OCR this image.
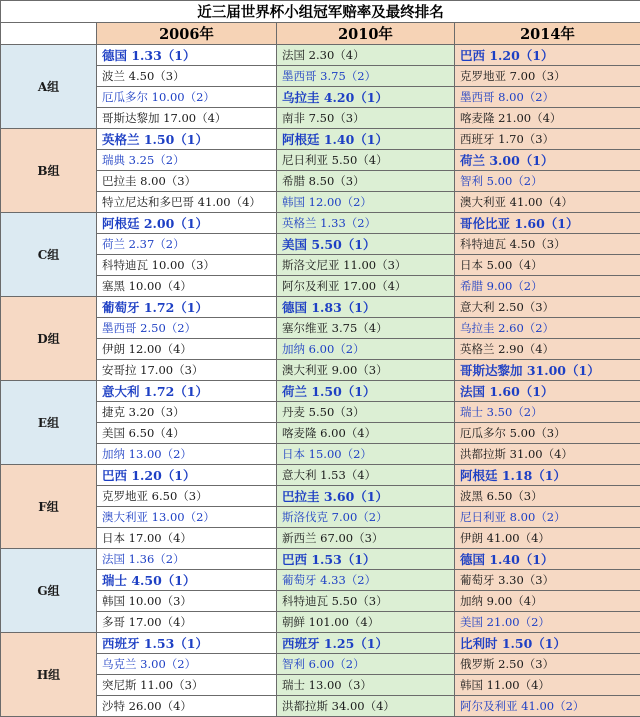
近三届世界杯小组冠军赔率及最终排名			
	2006年	2010年	2014年
A组	德国 1.33（1）	法国 2.30（4）	巴西 1.20（1）
	波兰 4.50（3）	墨西哥 3.75（2）	克罗地亚 7.00（3）
	厄瓜多尔 10.00（2）	乌拉圭 4.20（1）	墨西哥 8.00（2）
	哥斯达黎加 17.00（4）	南非 7.50（3）	喀麦隆 21.00（4）
B组	英格兰 1.50（1）	阿根廷 1.40（1）	西班牙 1.70（3）
	瑞典 3.25（2）	尼日利亚 5.50（4）	荷兰 3.00（1）
	巴拉圭 8.00（3）	希腊 8.50（3）	智利 5.00（2）
	特立尼达和多巴哥 41.00（4）	韩国 12.00（2）	澳大利亚 41.00（4）
C组	阿根廷 2.00（1）	英格兰 1.33（2）	哥伦比亚 1.60（1）
	荷兰 2.37（2）	美国 5.50（1）	科特迪瓦 4.50（3）
	科特迪瓦 10.00（3）	斯洛文尼亚 11.00（3）	日本 5.00（4）
	塞黑 10.00（4）	阿尔及利亚 17.00（4）	希腊 9.00（2）
D组	葡萄牙 1.72（1）	德国 1.83（1）	意大利 2.50（3）
	墨西哥 2.50（2）	塞尔维亚 3.75（4）	乌拉圭 2.60（2）
	伊朗 12.00（4）	加纳 6.00（2）	英格兰 2.90（4）
	安哥拉 17.00（3）	澳大利亚 9.00（3）	哥斯达黎加 31.00（1）
E组	意大利 1.72（1）	荷兰 1.50（1）	法国 1.60（1）
	捷克 3.20（3）	丹麦 5.50（3）	瑞士 3.50（2）
	美国 6.50（4）	喀麦隆 6.00（4）	厄瓜多尔 5.00（3）
	加纳 13.00（2）	日本 15.00（2）	洪都拉斯 31.00（4）
F组	巴西 1.20（1）	意大利 1.53（4）	阿根廷 1.18（1）
	克罗地亚 6.50（3）	巴拉圭 3.60（1）	波黑 6.50（3）
	澳大利亚 13.00（2）	斯洛伐克 7.00（2）	尼日利亚 8.00（2）
	日本 17.00（4）	新西兰 67.00（3）	伊朗 41.00（4）
G组	法国 1.36（2）	巴西 1.53（1）	德国 1.40（1）
	瑞士 4.50（1）	葡萄牙 4.33（2）	葡萄牙 3.30（3）
	韩国 10.00（3）	科特迪瓦 5.50（3）	加纳 9.00（4）
	多哥 17.00（4）	朝鲜 101.00（4）	美国 21.00（2）
H组	西班牙 1.53（1）	西班牙 1.25（1）	比利时 1.50（1）
	乌克兰 3.00（2）	智利 6.00（2）	俄罗斯 2.50（3）
	突尼斯 11.00（3）	瑞士 13.00（3）	韩国 11.00（4）
	沙特 26.00（4）	洪都拉斯 34.00（4）	阿尔及利亚 41.00（2）
